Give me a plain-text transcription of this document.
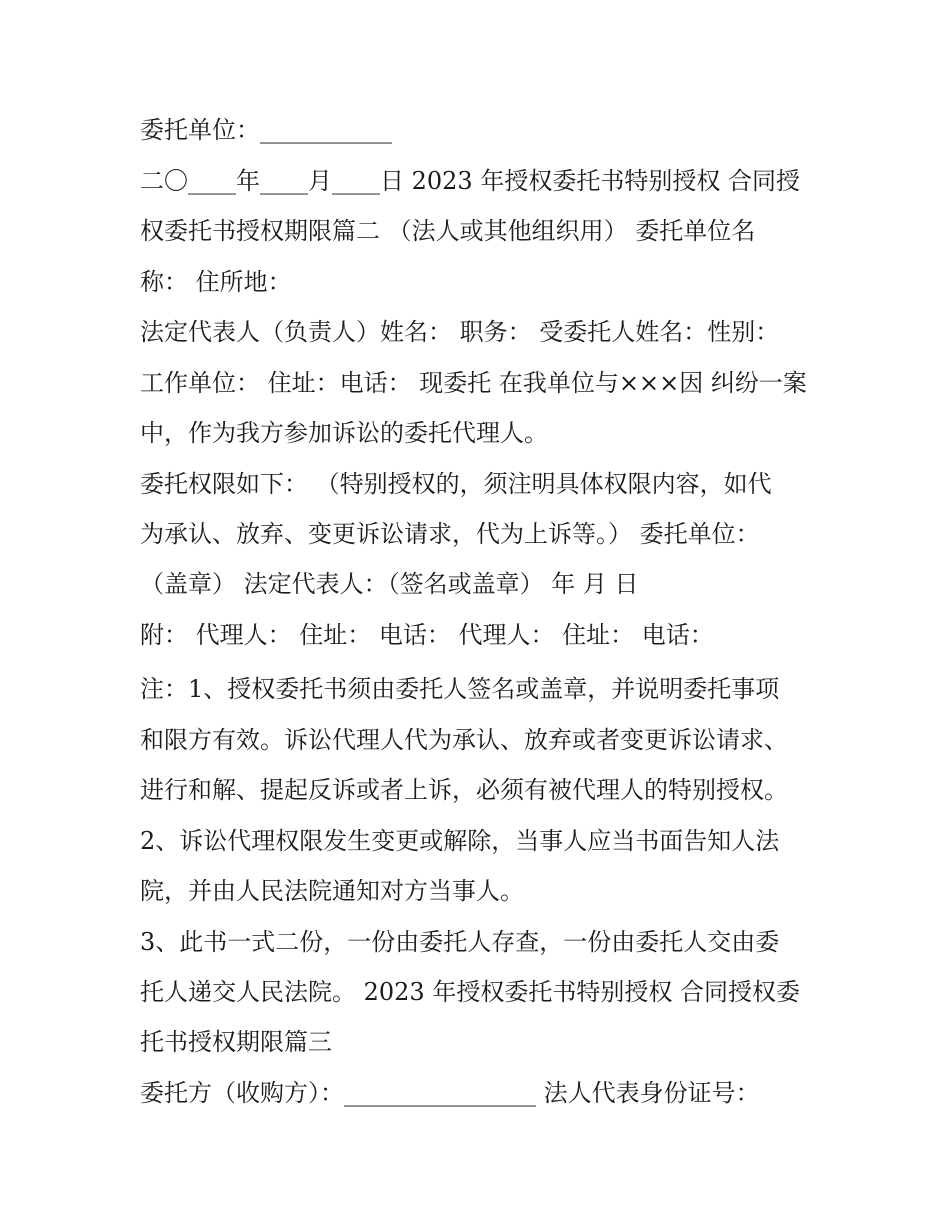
委托单位：___________
二〇____年____月____日 2023 年授权委托书特别授权 合同授
权委托书授权期限篇二 （法人或其他组织用） 委托单位名
称： 住所地：
法定代表人（负责人）姓名： 职务： 受委托人姓名：性别：
工作单位： 住址：电话： 现委托 在我单位与×××因 纠纷一案
中，作为我方参加诉讼的委托代理人。
委托权限如下： （特别授权的，须注明具体权限内容，如代
为承认、放弃、变更诉讼请求，代为上诉等。） 委托单位：
（盖章） 法定代表人：（签名或盖章） 年 月 日
附： 代理人： 住址： 电话： 代理人： 住址： 电话：
注：1、授权委托书须由委托人签名或盖章，并说明委托事项
和限方有效。诉讼代理人代为承认、放弃或者变更诉讼请求、
进行和解、提起反诉或者上诉，必须有被代理人的特别授权。
2、诉讼代理权限发生变更或解除，当事人应当书面告知人法
院，并由人民法院通知对方当事人。
3、此书一式二份，一份由委托人存查，一份由委托人交由委
托人递交人民法院。 2023 年授权委托书特别授权 合同授权委
托书授权期限篇三
委托方（收购方）：________________ 法人代表身份证号：
